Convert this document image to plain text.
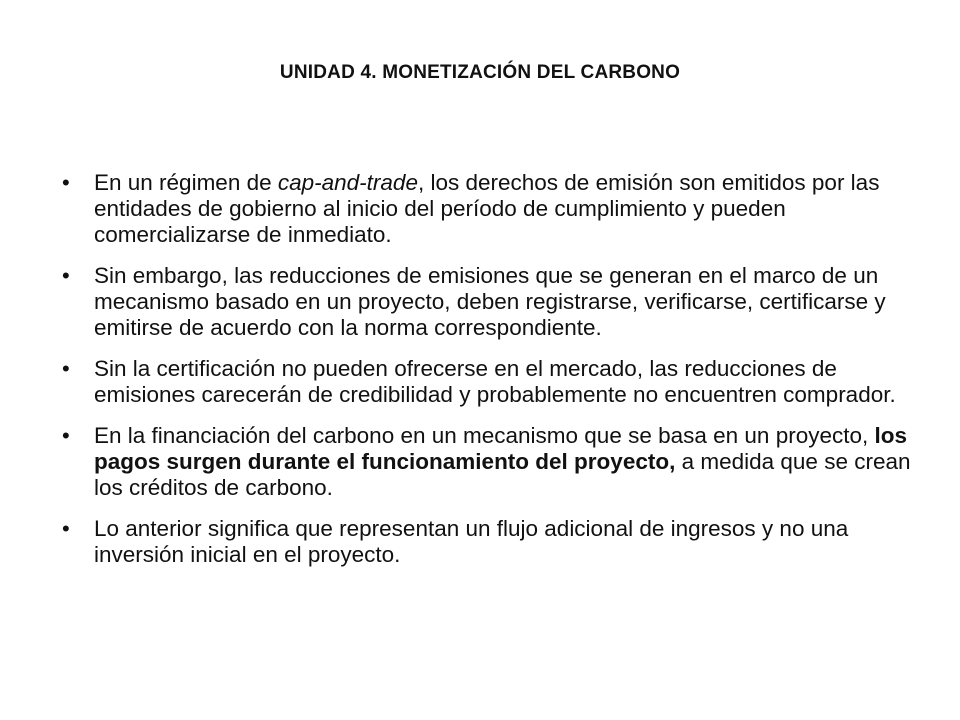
UNIDAD 4. MONETIZACIÓN DEL CARBONO
• En un régimen de cap-and-trade, los derechos de emisión son emitidos por las entidades de gobierno al inicio del período de cumplimiento y pueden comercializarse de inmediato.
• Sin embargo, las reducciones de emisiones que se generan en el marco de un mecanismo basado en un proyecto, deben registrarse, verificarse, certificarse y emitirse de acuerdo con la norma correspondiente.
• Sin la certificación no pueden ofrecerse en el mercado, las reducciones de emisiones carecerán de credibilidad y probablemente no encuentren comprador.
• En la financiación del carbono en un mecanismo que se basa en un proyecto, los pagos surgen durante el funcionamiento del proyecto, a medida que se crean los créditos de carbono.
• Lo anterior significa que representan un flujo adicional de ingresos y no una inversión inicial en el proyecto.
